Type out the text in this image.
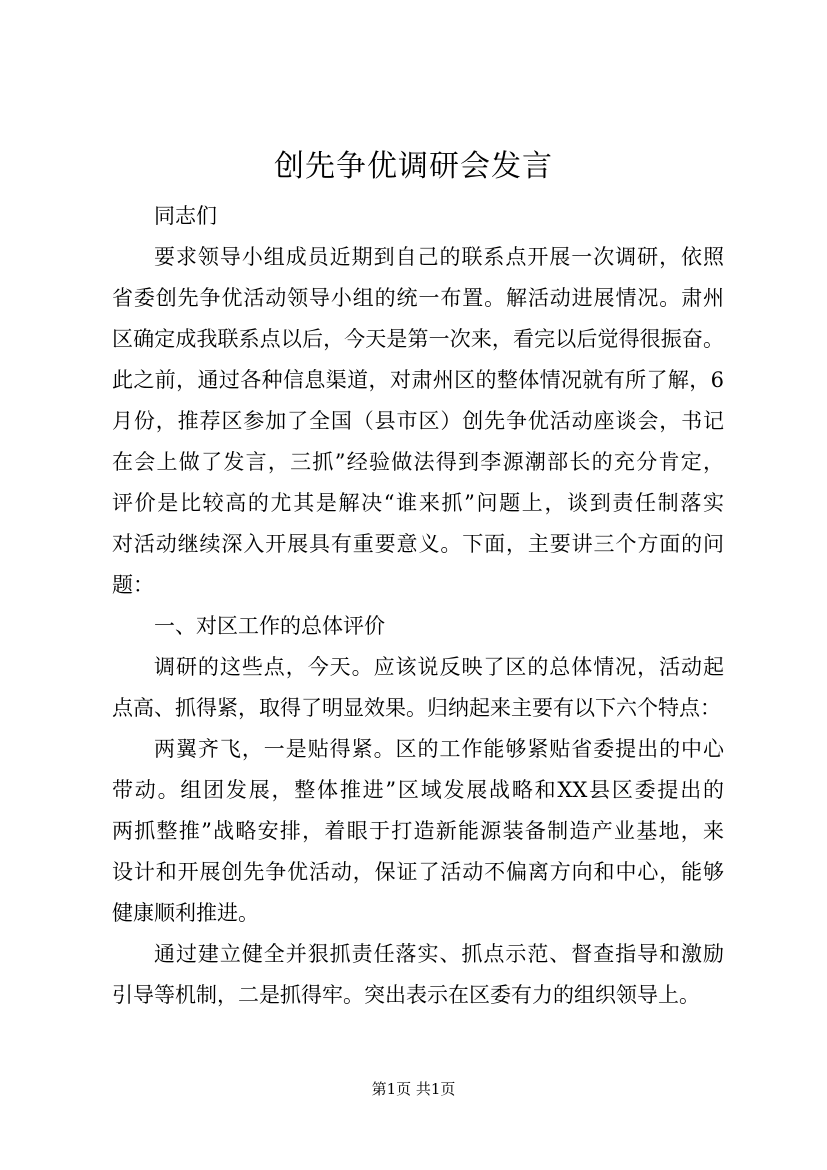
创先争优调研会发言

同志们

要求领导小组成员近期到自己的联系点开展一次调研，依照

省委创先争优活动领导小组的统一布置。解活动进展情况。肃州

区确定成我联系点以后，今天是第一次来，看完以后觉得很振奋。

此之前，通过各种信息渠道，对肃州区的整体情况就有所了解，6

月份，推荐区参加了全国（县市区）创先争优活动座谈会，书记

在会上做了发言，三抓”经验做法得到李源潮部长的充分肯定，

评价是比较高的尤其是解决“谁来抓”问题上，谈到责任制落实

对活动继续深入开展具有重要意义。下面，主要讲三个方面的问

题：

一、对区工作的总体评价

调研的这些点，今天。应该说反映了区的总体情况，活动起

点高、抓得紧，取得了明显效果。归纳起来主要有以下六个特点：

两翼齐飞，一是贴得紧。区的工作能够紧贴省委提出的中心

带动。组团发展，整体推进”区域发展战略和XX县区委提出的

两抓整推”战略安排，着眼于打造新能源装备制造产业基地，来

设计和开展创先争优活动，保证了活动不偏离方向和中心，能够

健康顺利推进。

通过建立健全并狠抓责任落实、抓点示范、督查指导和激励

引导等机制，二是抓得牢。突出表示在区委有力的组织领导上。

第1页 共1页
